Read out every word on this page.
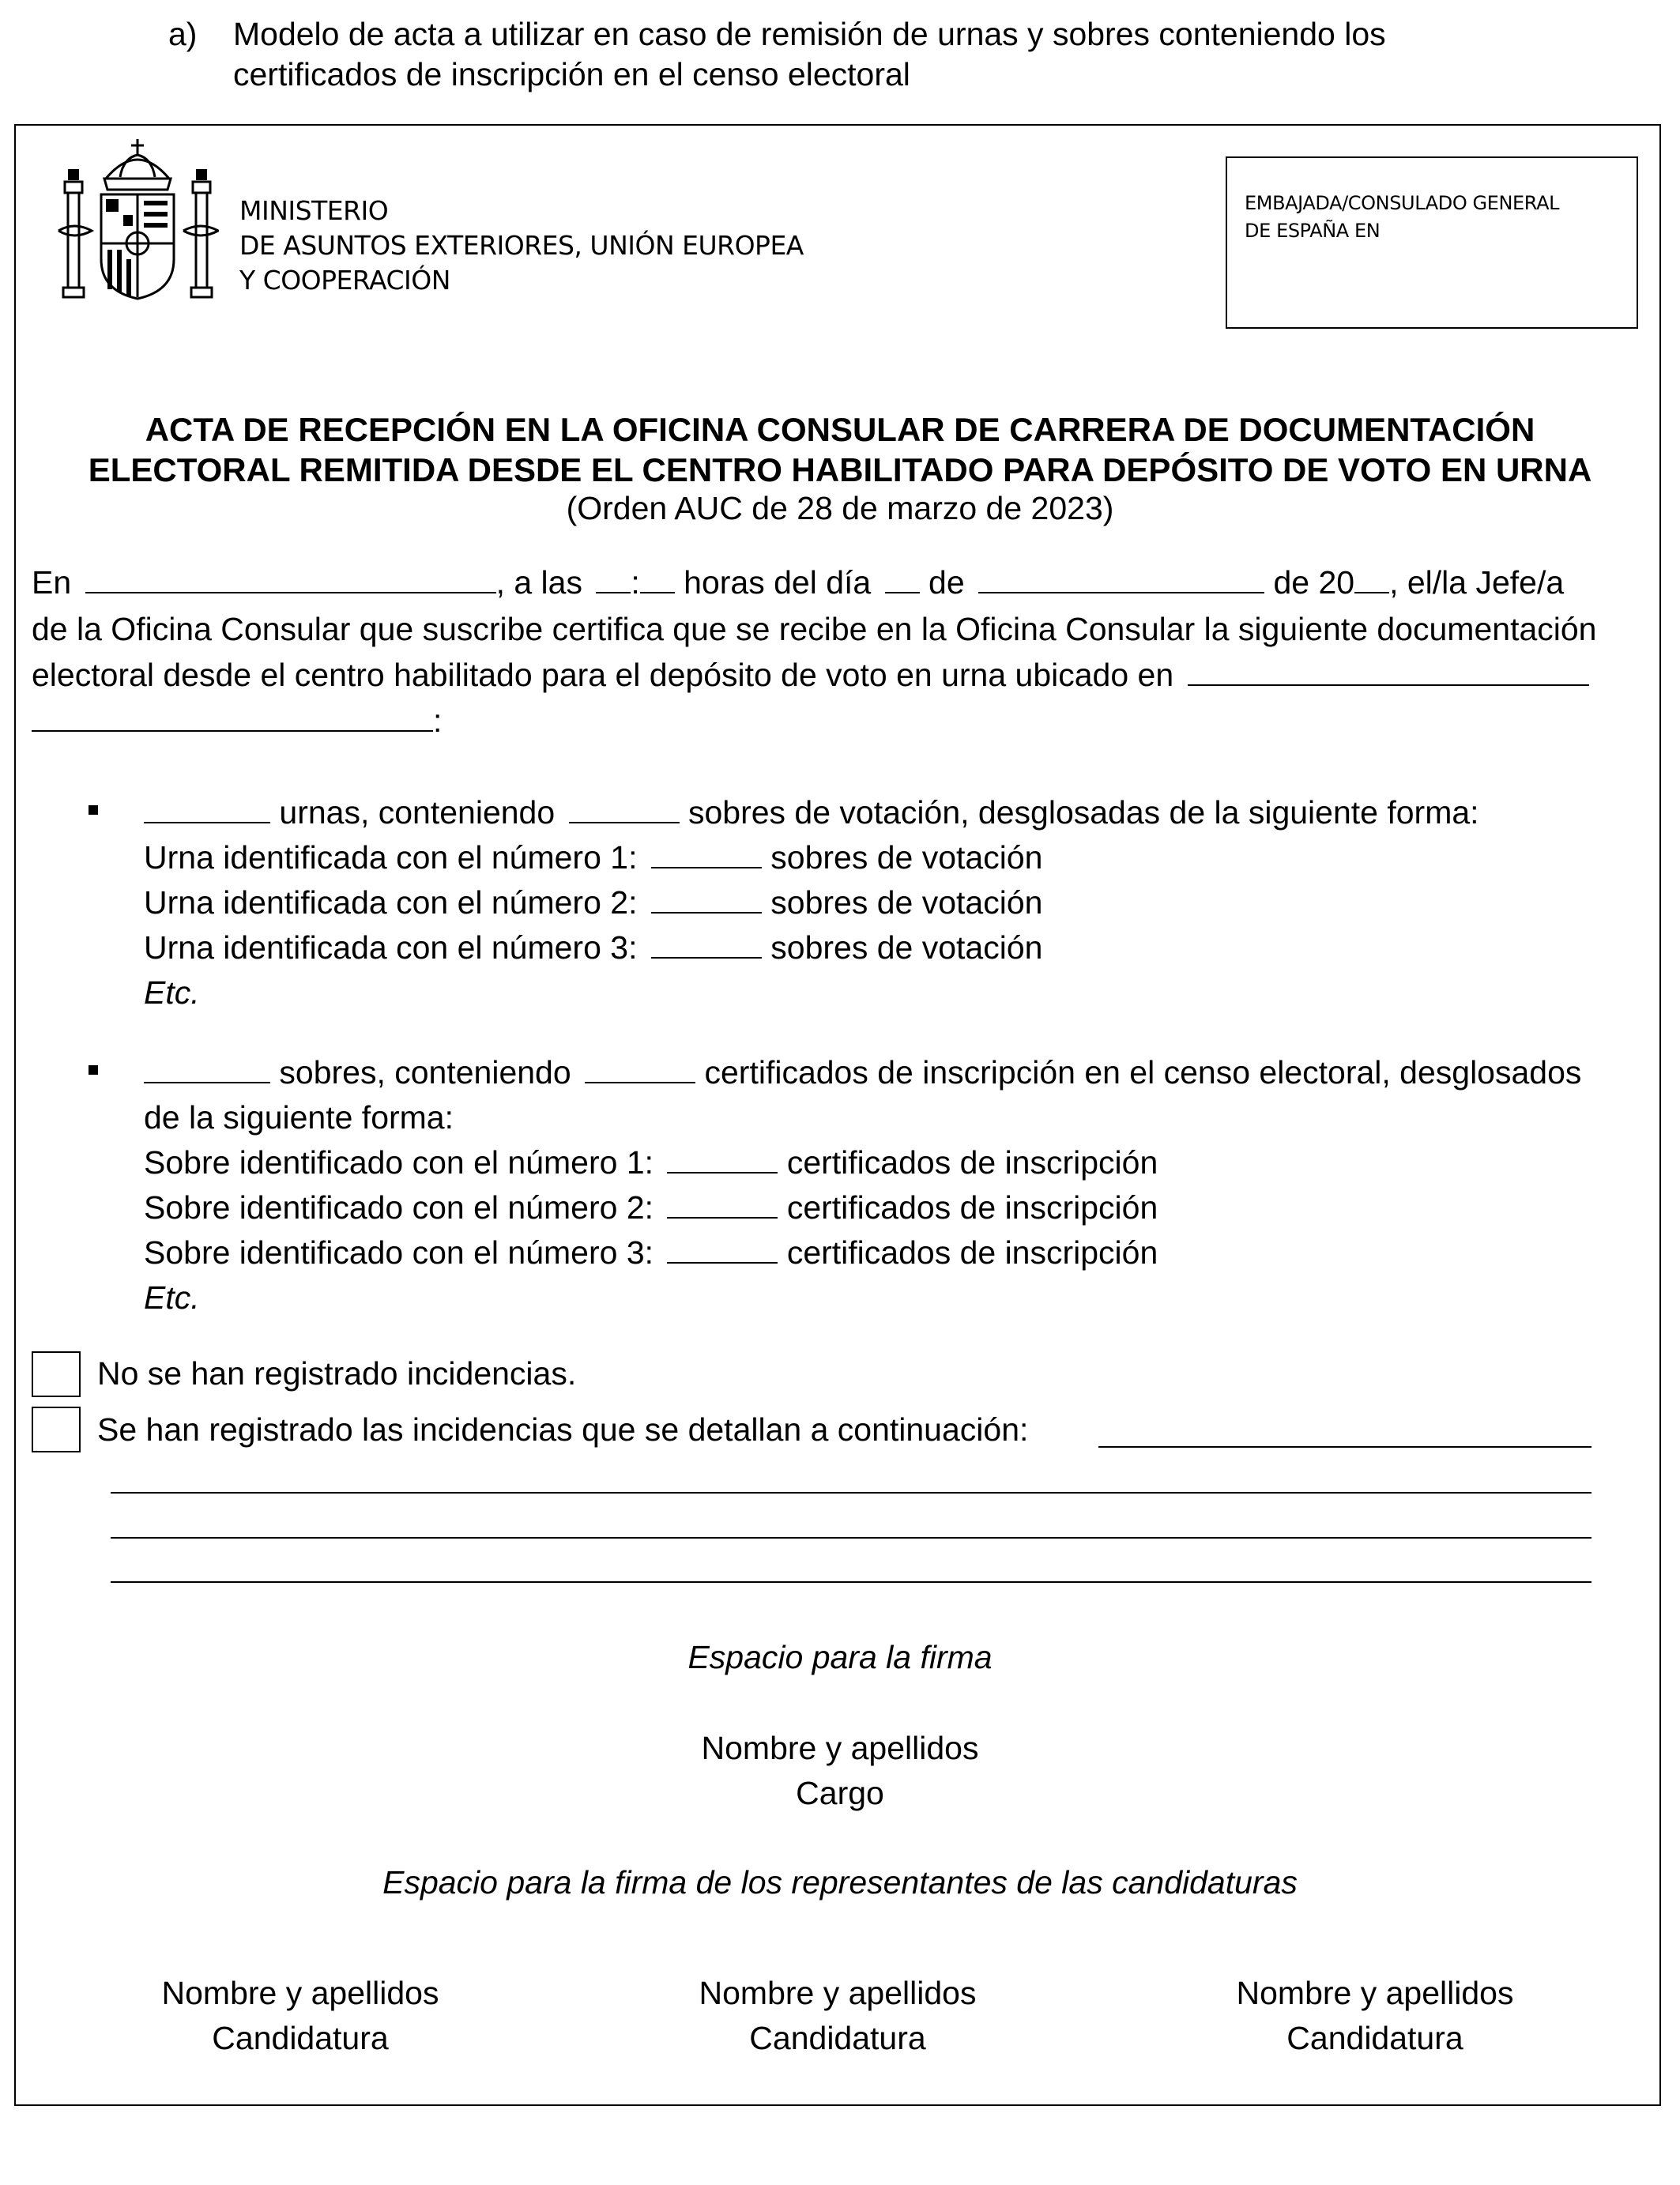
a) Modelo de acta a utilizar en caso de remisión de urnas y sobres conteniendo los
certificados de inscripción en el censo electoral
MINISTERIO
DE ASUNTOS EXTERIORES, UNIÓN EUROPEA
Y COOPERACIÓN
EMBAJADA/CONSULADO GENERAL
DE ESPAÑA EN
ACTA DE RECEPCIÓN EN LA OFICINA CONSULAR DE CARRERA DE DOCUMENTACIÓN
ELECTORAL REMITIDA DESDE EL CENTRO HABILITADO PARA DEPÓSITO DE VOTO EN URNA
(Orden AUC de 28 de marzo de 2023)
En	, a las : horas del día de	de 20 , el/la Jefe/a
de la Oficina Consular que suscribe certifica que se recibe en la Oficina Consular la siguiente documentación
electoral desde el centro habilitado para el depósito de voto en urna ubicado en
:
urnas, conteniendo	sobres de votación, desglosadas de la siguiente forma:
Urna identificada con el número 1:	sobres de votación
Urna identificada con el número 2:	sobres de votación
Urna identificada con el número 3:	sobres de votación
Etc.
sobres, conteniendo	certificados de inscripción en el censo electoral, desglosados
de la siguiente forma:
Sobre identificado con el número 1:	certificados de inscripción
Sobre identificado con el número 2:	certificados de inscripción
Sobre identificado con el número 3:	certificados de inscripción
Etc.
No se han registrado incidencias.
Se han registrado las incidencias que se detallan a continuación:
Espacio para la firma
Nombre y apellidos
Cargo
Espacio para la firma de los representantes de las candidaturas
Nombre y apellidos
Candidatura
Nombre y apellidos
Candidatura
Nombre y apellidos
Candidatura
